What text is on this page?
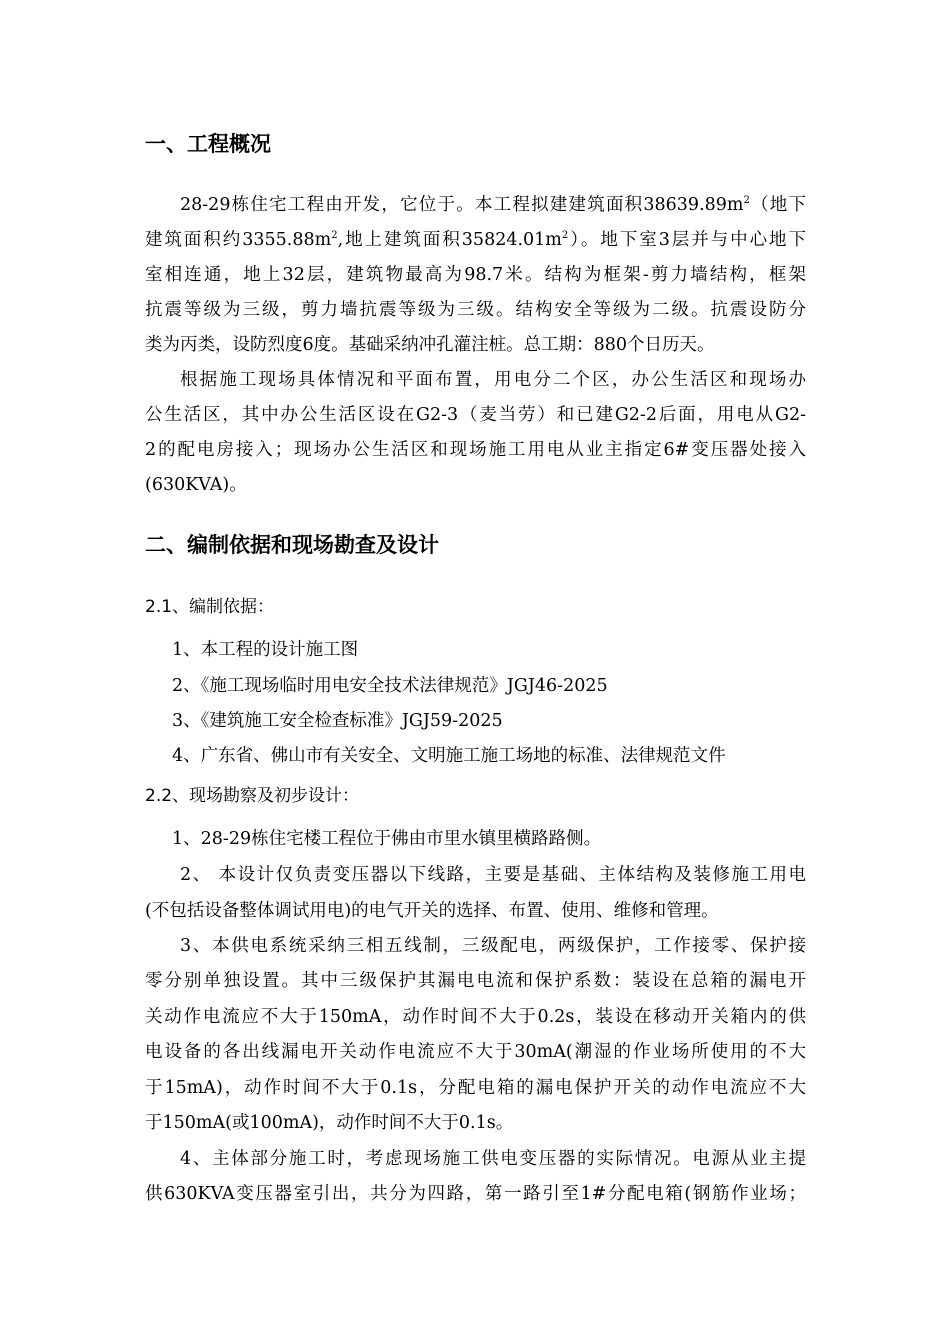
一、工程概况
28-29栋住宅工程由开发，它位于。本工程拟建建筑面积$38639.89m^2$（地下
建筑面积约$3355.88m^2$,地上建筑面积$35824.01m^2$）。地下室3层并与中心地下
室相连通，地上32层，建筑物最高为98.7米。结构为框架-剪力墙结构，框架
抗震等级为三级，剪力墙抗震等级为三级。结构安全等级为二级。抗震设防分
类为丙类，设防烈度6度。基础采纳冲孔灌注桩。总工期：880个日历天。
根据施工现场具体情况和平面布置，用电分二个区，办公生活区和现场办
公生活区，其中办公生活区设在G2-3（麦当劳）和已建G2-2后面，用电从G2-
2的配电房接入；现场办公生活区和现场施工用电从业主指定6#变压器处接入
(630KVA)。
二、编制依据和现场勘查及设计
2.1、编制依据：
1、本工程的设计施工图
2、《施工现场临时用电安全技术法律规范》JGJ46-2025
3、《建筑施工安全检查标准》JGJ59-2025
4、广东省、佛山市有关安全、文明施工施工场地的标准、法律规范文件
2.2、现场勘察及初步设计：
1、28-29栋住宅楼工程位于佛由市里水镇里横路路侧。
2、 本设计仅负责变压器以下线路，主要是基础、主体结构及装修施工用电
(不包括设备整体调试用电)的电气开关的选择、布置、使用、维修和管理。
3、本供电系统采纳三相五线制，三级配电，两级保护，工作接零、保护接
零分别单独设置。其中三级保护其漏电电流和保护系数：装设在总箱的漏电开
关动作电流应不大于150mA，动作时间不大于0.2s，装设在移动开关箱内的供
电设备的各出线漏电开关动作电流应不大于30mA(潮湿的作业场所使用的不大
于15mA)，动作时间不大于0.1s，分配电箱的漏电保护开关的动作电流应不大
于150mA(或100mA)，动作时间不大于0.1s。
4、主体部分施工时，考虑现场施工供电变压器的实际情况。电源从业主提
供630KVA变压器室引出，共分为四路，第一路引至1#分配电箱(钢筋作业场；
